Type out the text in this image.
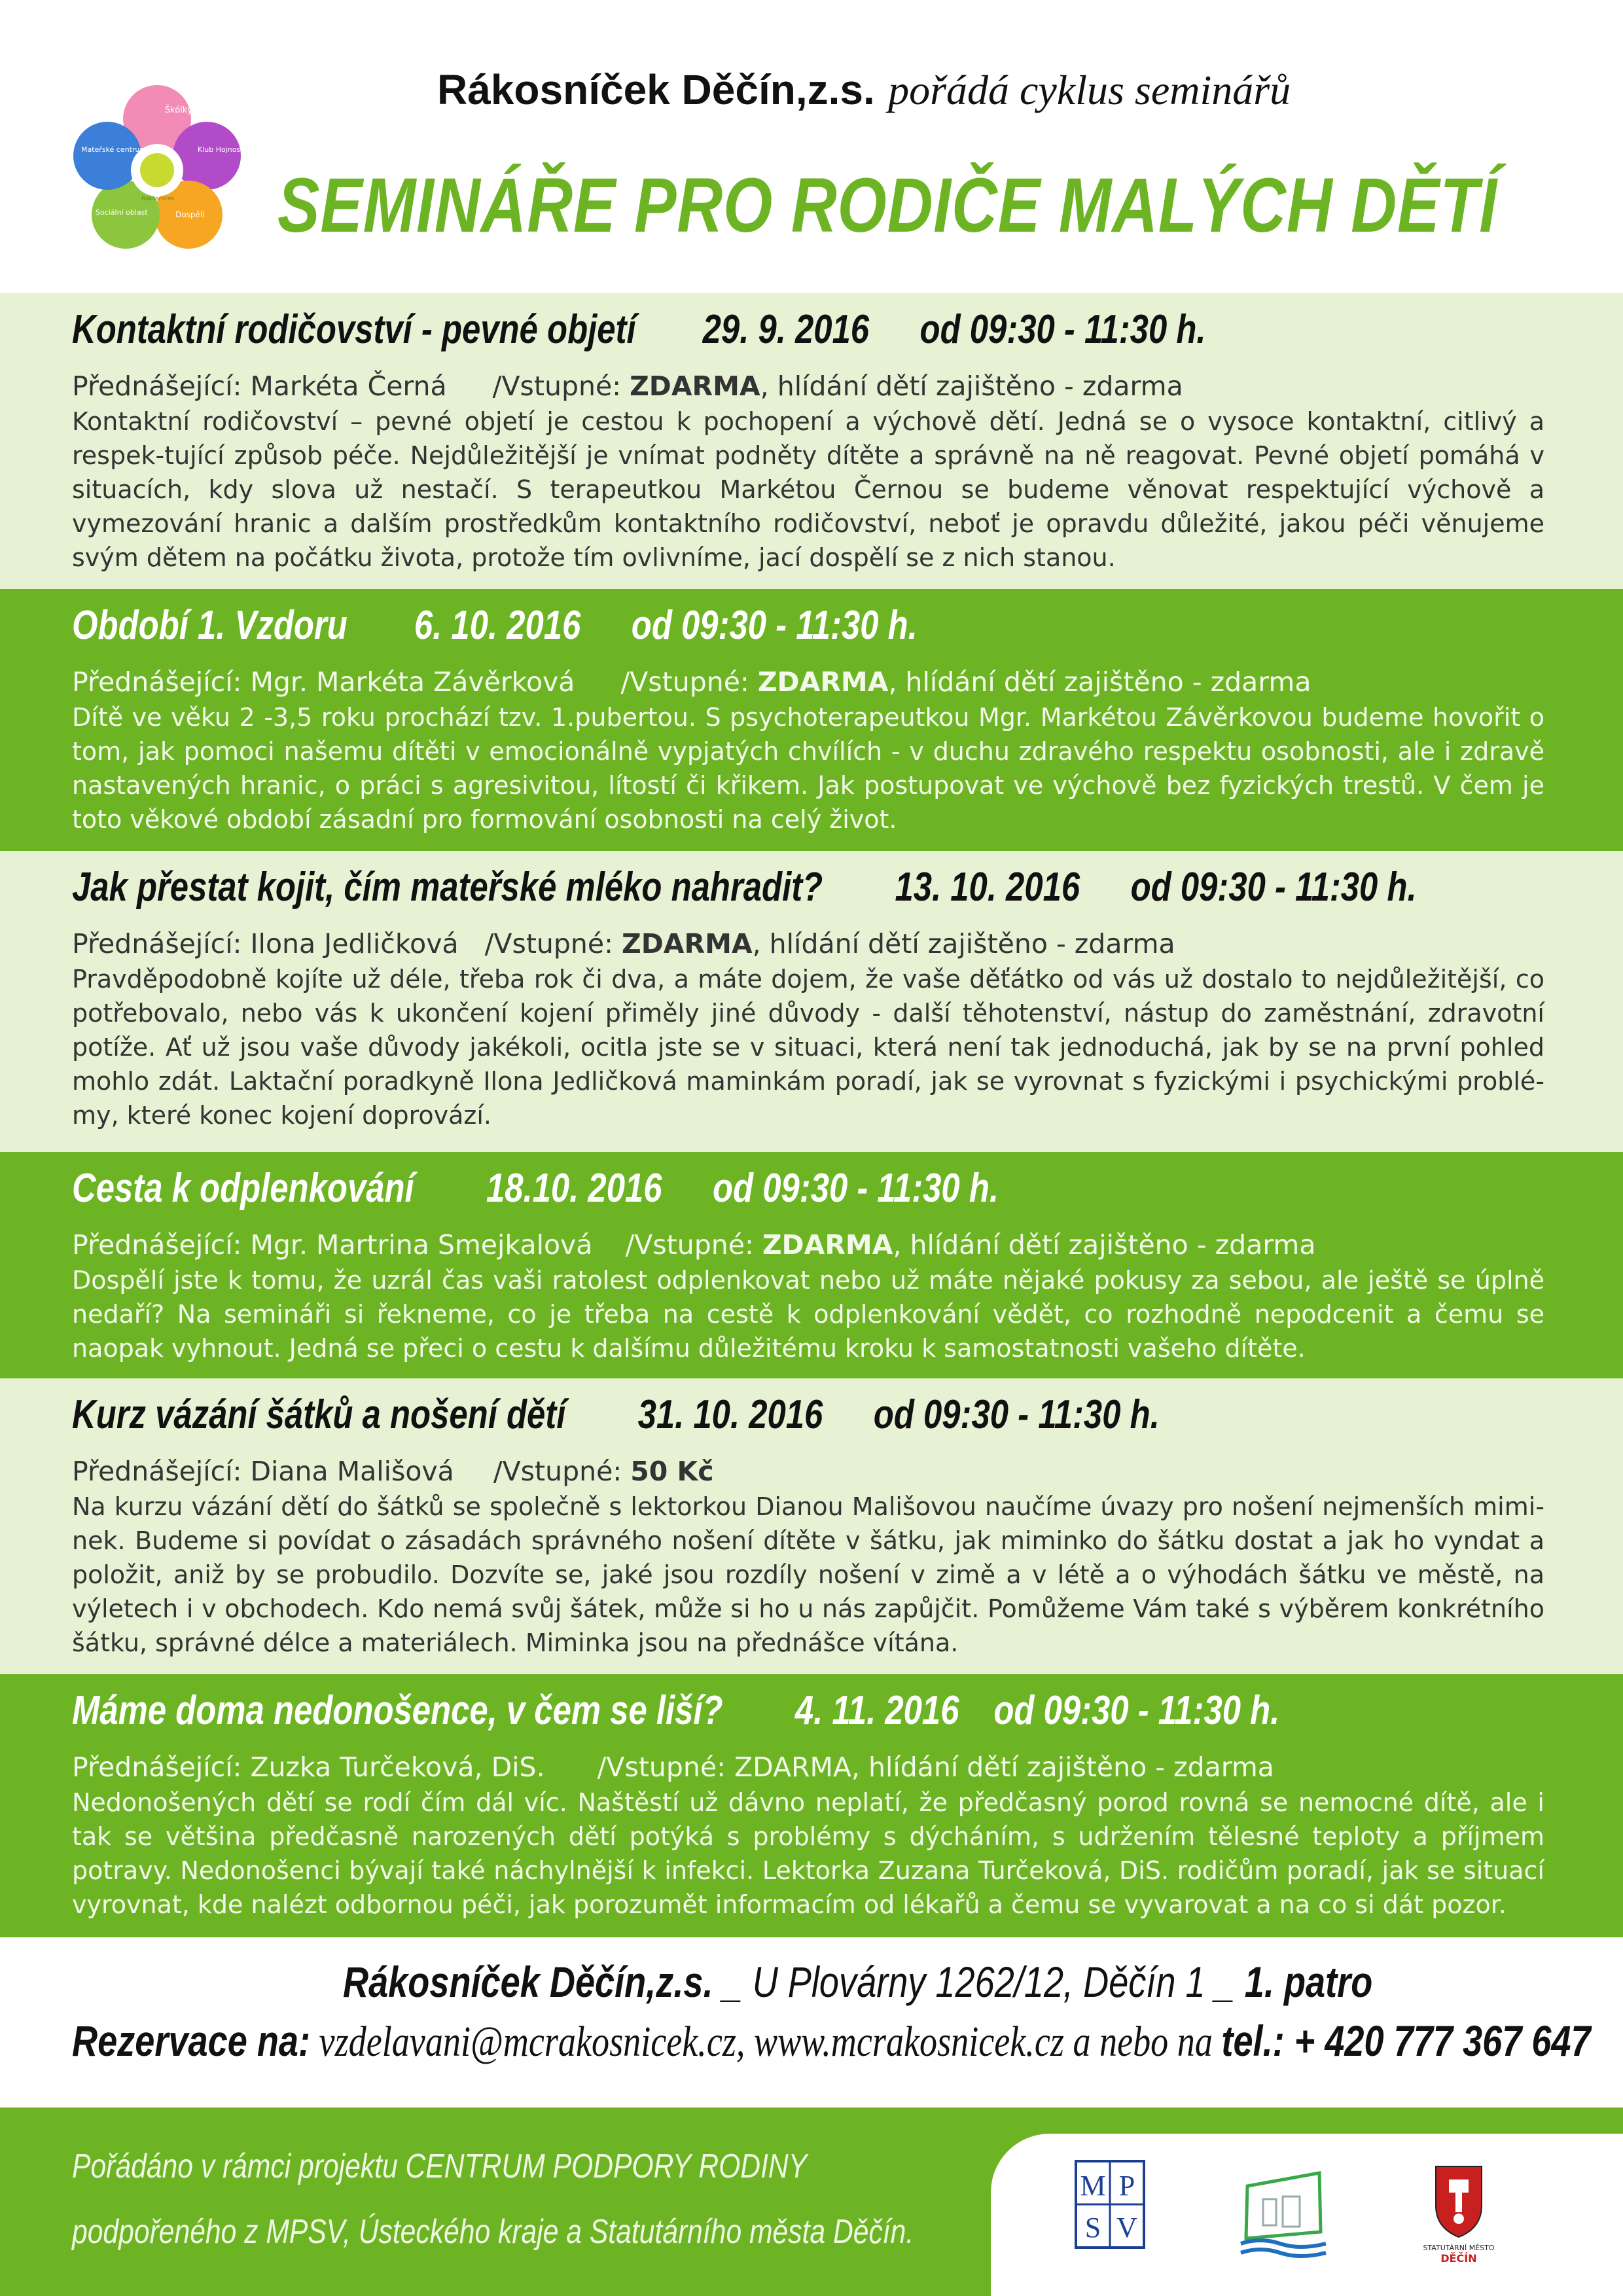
Škólky
Klub Hojnosti
Dospělí
Sociální oblast
Mateřské centrum
Rákosníček
Rákosníček Děčín,z.s. pořádá cyklus seminářů
SEMINÁŘE PRO RODIČE MALÝCH DĚTÍ
Kontaktní rodičovství - pevné objetí 29. 9. 2016 od 09:30 - 11:30 h.
Přednášející: Markéta Černá /Vstupné: ZDARMA, hlídání dětí zajištěno - zdarma
Kontaktní rodičovství – pevné objetí je cestou k pochopení a výchově dětí. Jedná se o vysoce kontaktní, citlivý a respek-tující způsob péče. Nejdůležitější je vnímat podněty dítěte a správně na ně reagovat. Pevné objetí pomáhá v situacích, kdy slova už nestačí. S terapeutkou Markétou Černou se budeme věnovat respektující výchově a vymezování hranic a dalším prostředkům kontaktního rodičovství, neboť je opravdu důležité, jakou péči věnujeme svým dětem na počátku života, protože tím ovlivníme, jací dospělí se z nich stanou.
Období 1. Vzdoru 6. 10. 2016 od 09:30 - 11:30 h.
Přednášející: Mgr. Markéta Závěrková /Vstupné: ZDARMA, hlídání dětí zajištěno - zdarma
Dítě ve věku 2 -3,5 roku prochází tzv. 1.pubertou. S psychoterapeutkou Mgr. Markétou Závěrkovou budeme hovořit o tom, jak pomoci našemu dítěti v emocionálně vypjatých chvílích - v duchu zdravého respektu osobnosti, ale i zdravě nastavených hranic, o práci s agresivitou, lítostí či křikem. Jak postupovat ve výchově bez fyzických trestů. V čem je toto věkové období zásadní pro formování osobnosti na celý život.
Jak přestat kojit, čím mateřské mléko nahradit? 13. 10. 2016 od 09:30 - 11:30 h.
Přednášející: Ilona Jedličková /Vstupné: ZDARMA, hlídání dětí zajištěno - zdarma
Pravděpodobně kojíte už déle, třeba rok či dva, a máte dojem, že vaše děťátko od vás už dostalo to nejdůležitější, co potřebovalo, nebo vás k ukončení kojení přiměly jiné důvody - další těhotenství, nástup do zaměstnání, zdravotní potíže. Ať už jsou vaše důvody jakékoli, ocitla jste se v situaci, která není tak jednoduchá, jak by se na první pohled mohlo zdát. Laktační poradkyně Ilona Jedličková maminkám poradí, jak se vyrovnat s fyzickými i psychickými problé-my, které konec kojení doprovází.
Cesta k odplenkování 18.10. 2016 od 09:30 - 11:30 h.
Přednášející: Mgr. Martrina Smejkalová /Vstupné: ZDARMA, hlídání dětí zajištěno - zdarma
Dospělí jste k tomu, že uzrál čas vaši ratolest odplenkovat nebo už máte nějaké pokusy za sebou, ale ještě se úplně nedaří? Na semináři si řekneme, co je třeba na cestě k odplenkování vědět, co rozhodně nepodcenit a čemu se naopak vyhnout. Jedná se přeci o cestu k dalšímu důležitému kroku k samostatnosti vašeho dítěte.
Kurz vázání šátků a nošení dětí 31. 10. 2016 od 09:30 - 11:30 h.
Přednášející: Diana Mališová /Vstupné: 50 Kč
Na kurzu vázání dětí do šátků se společně s lektorkou Dianou Mališovou naučíme úvazy pro nošení nejmenších mimi-nek. Budeme si povídat o zásadách správného nošení dítěte v šátku, jak miminko do šátku dostat a jak ho vyndat a položit, aniž by se probudilo. Dozvíte se, jaké jsou rozdíly nošení v zimě a v létě a o výhodách šátku ve městě, na výletech i v obchodech. Kdo nemá svůj šátek, může si ho u nás zapůjčit. Pomůžeme Vám také s výběrem konkrétního šátku, správné délce a materiálech. Miminka jsou na přednášce vítána.
Máme doma nedonošence, v čem se liší? 4. 11. 2016 od 09:30 - 11:30 h.
Přednášející: Zuzka Turčeková, DiS. /Vstupné: ZDARMA, hlídání dětí zajištěno - zdarma
Nedonošených dětí se rodí čím dál víc. Naštěstí už dávno neplatí, že předčasný porod rovná se nemocné dítě, ale i tak se většina předčasně narozených dětí potýká s problémy s dýcháním, s udržením tělesné teploty a příjmem potravy. Nedonošenci bývají také náchylnější k infekci. Lektorka Zuzana Turčeková, DiS. rodičům poradí, jak se situací vyrovnat, kde nalézt odbornou péči, jak porozumět informacím od lékařů a čemu se vyvarovat a na co si dát pozor.
Rákosníček Děčín,z.s. _ U Plovárny 1262/12, Děčín 1 _ 1. patro
Rezervace na: vzdelavani@mcrakosnicek.cz, www.mcrakosnicek.cz a nebo na tel.: + 420 777 367 647
Pořádáno v rámci projektu CENTRUM PODPORY RODINY
podpořeného z MPSV, Ústeckého kraje a Statutárního města Děčín.
M P
S V
STATUTÁRNÍ MĚSTO
DĚČÍN
